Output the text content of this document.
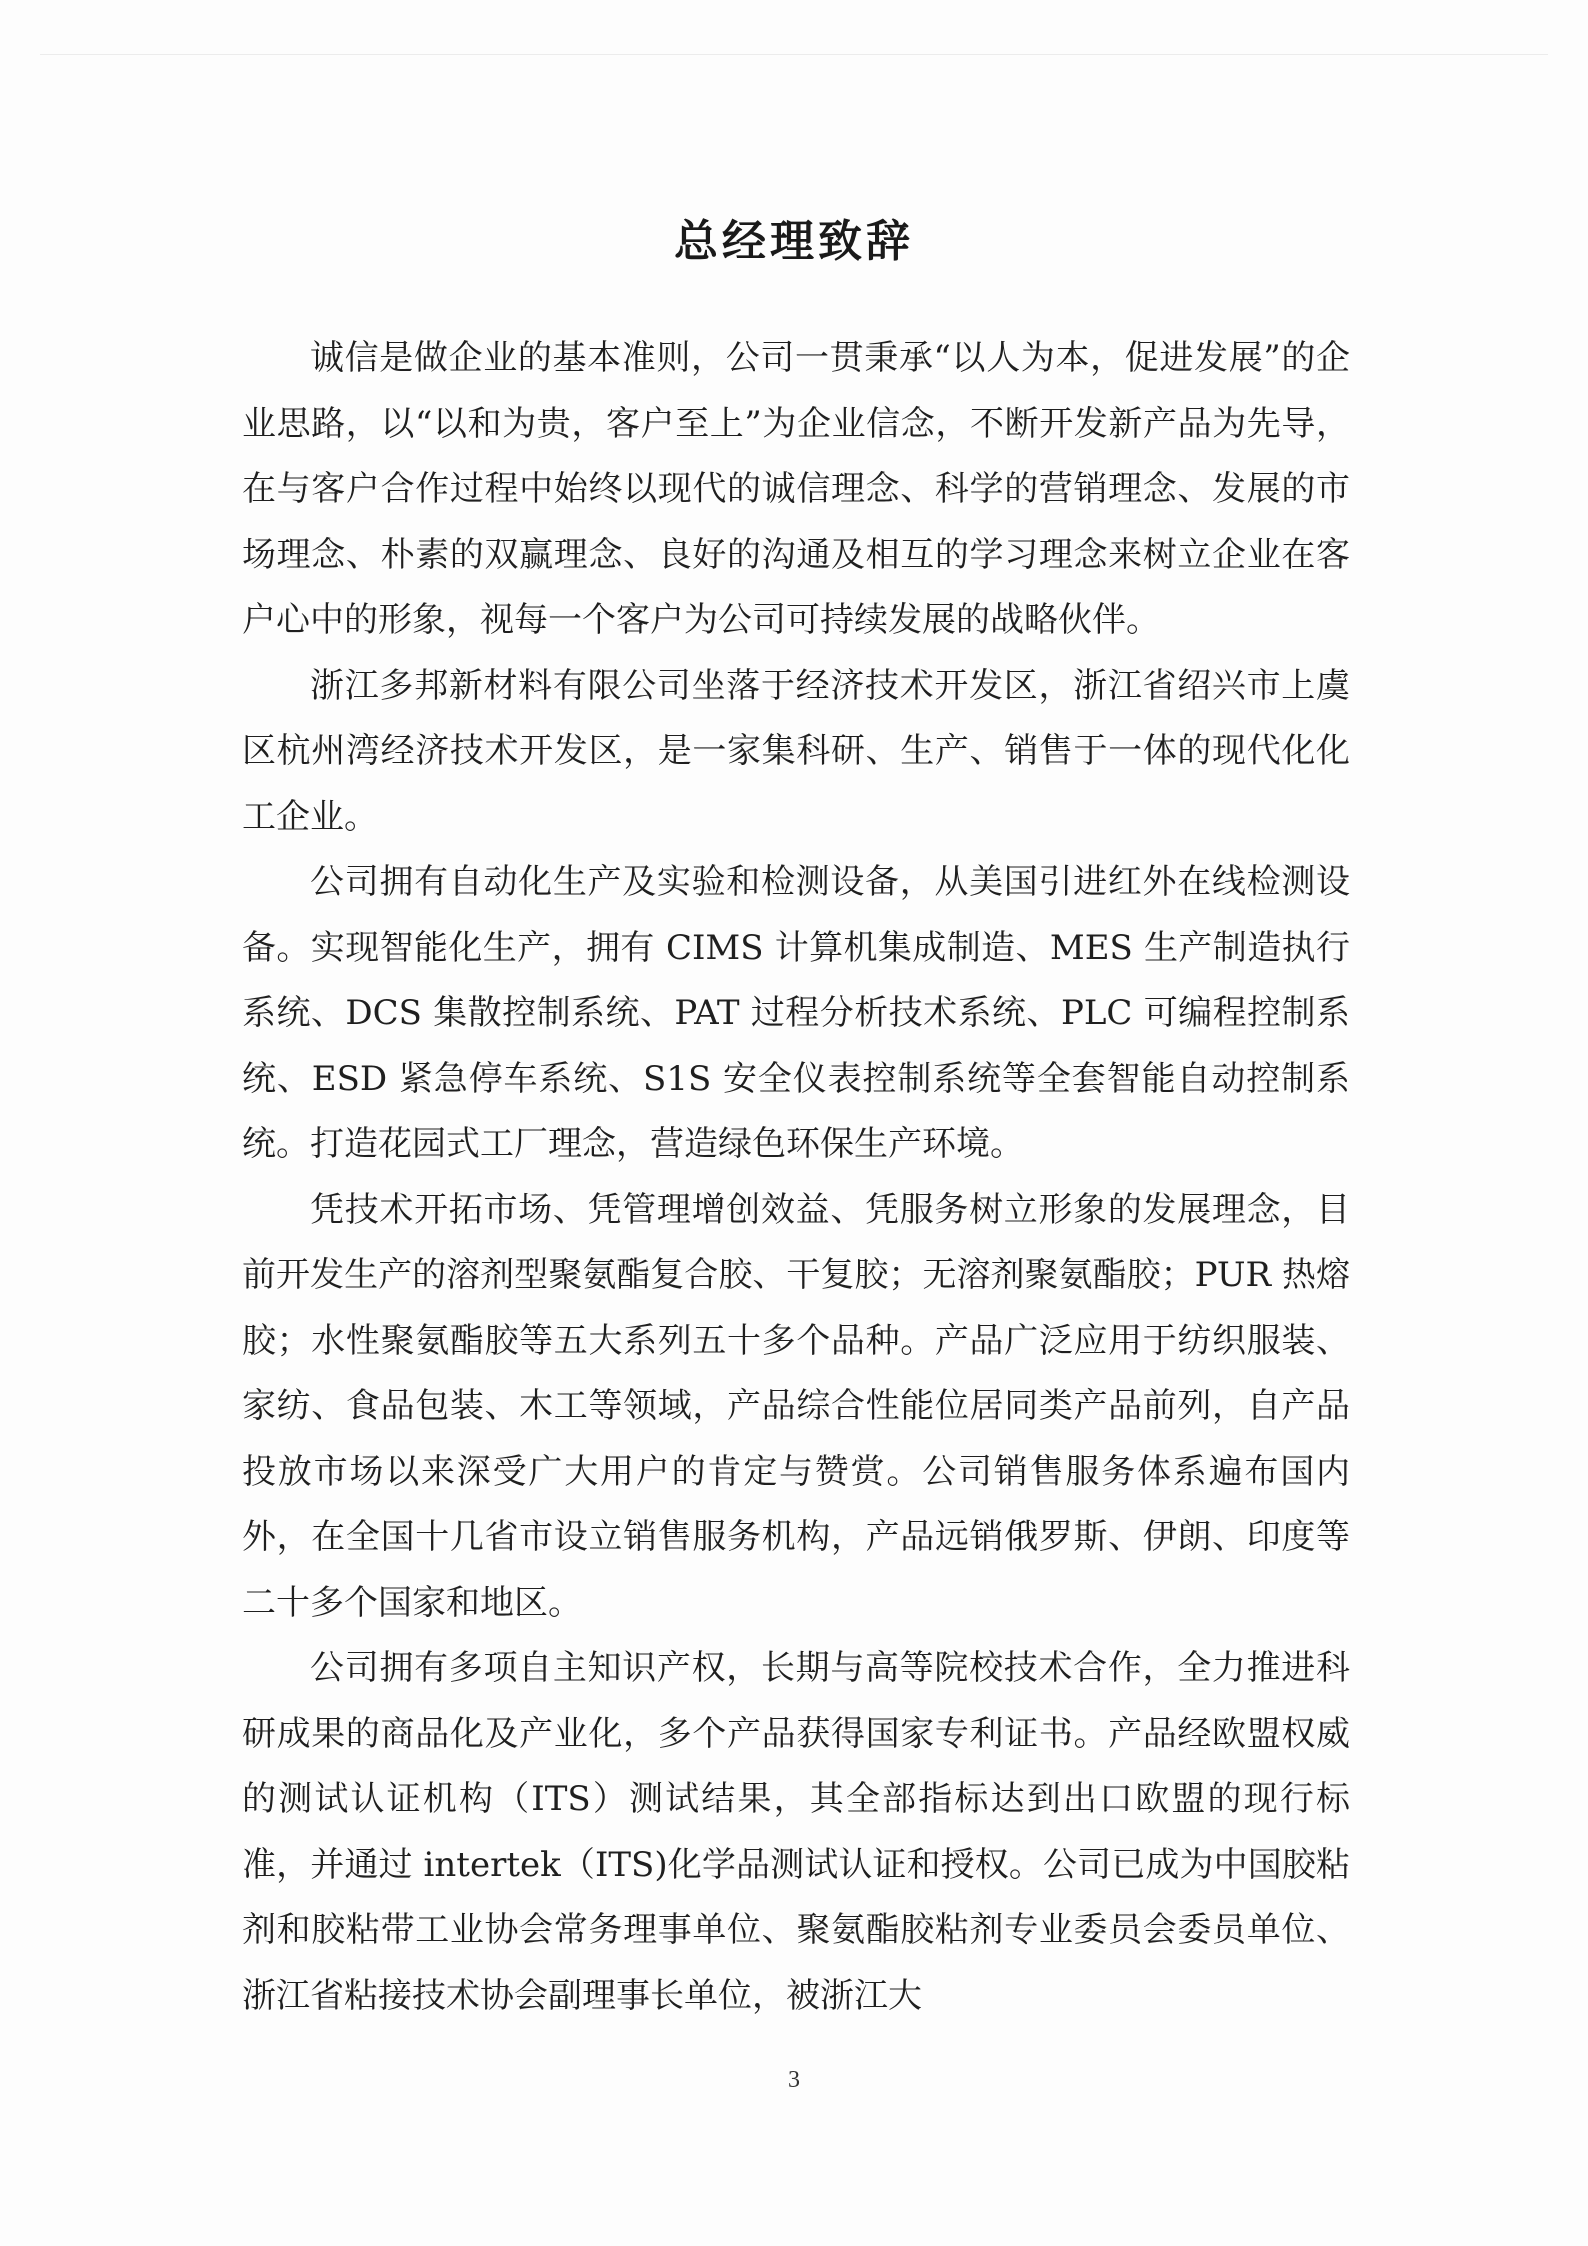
总经理致辞

诚信是做企业的基本准则，公司一贯秉承“以人为本，促进发展”的企业思路，以“以和为贵，客户至上”为企业信念，不断开发新产品为先导，在与客户合作过程中始终以现代的诚信理念、科学的营销理念、发展的市场理念、朴素的双赢理念、良好的沟通及相互的学习理念来树立企业在客户心中的形象，视每一个客户为公司可持续发展的战略伙伴。

浙江多邦新材料有限公司坐落于经济技术开发区，浙江省绍兴市上虞区杭州湾经济技术开发区，是一家集科研、生产、销售于一体的现代化化工企业。

公司拥有自动化生产及实验和检测设备，从美国引进红外在线检测设备。实现智能化生产，拥有 CIMS 计算机集成制造、MES 生产制造执行系统、DCS 集散控制系统、PAT 过程分析技术系统、PLC 可编程控制系统、ESD 紧急停车系统、S1S 安全仪表控制系统等全套智能自动控制系统。打造花园式工厂理念，营造绿色环保生产环境。

凭技术开拓市场、凭管理增创效益、凭服务树立形象的发展理念，目前开发生产的溶剂型聚氨酯复合胶、干复胶；无溶剂聚氨酯胶；PUR 热熔胶；水性聚氨酯胶等五大系列五十多个品种。产品广泛应用于纺织服装、家纺、食品包装、木工等领域，产品综合性能位居同类产品前列，自产品投放市场以来深受广大用户的肯定与赞赏。公司销售服务体系遍布国内外，在全国十几省市设立销售服务机构，产品远销俄罗斯、伊朗、印度等二十多个国家和地区。

公司拥有多项自主知识产权，长期与高等院校技术合作，全力推进科研成果的商品化及产业化，多个产品获得国家专利证书。产品经欧盟权威的测试认证机构（ITS）测试结果，其全部指标达到出口欧盟的现行标准，并通过 intertek（ITS)化学品测试认证和授权。公司已成为中国胶粘剂和胶粘带工业协会常务理事单位、聚氨酯胶粘剂专业委员会委员单位、浙江省粘接技术协会副理事长单位，被浙江大

3
